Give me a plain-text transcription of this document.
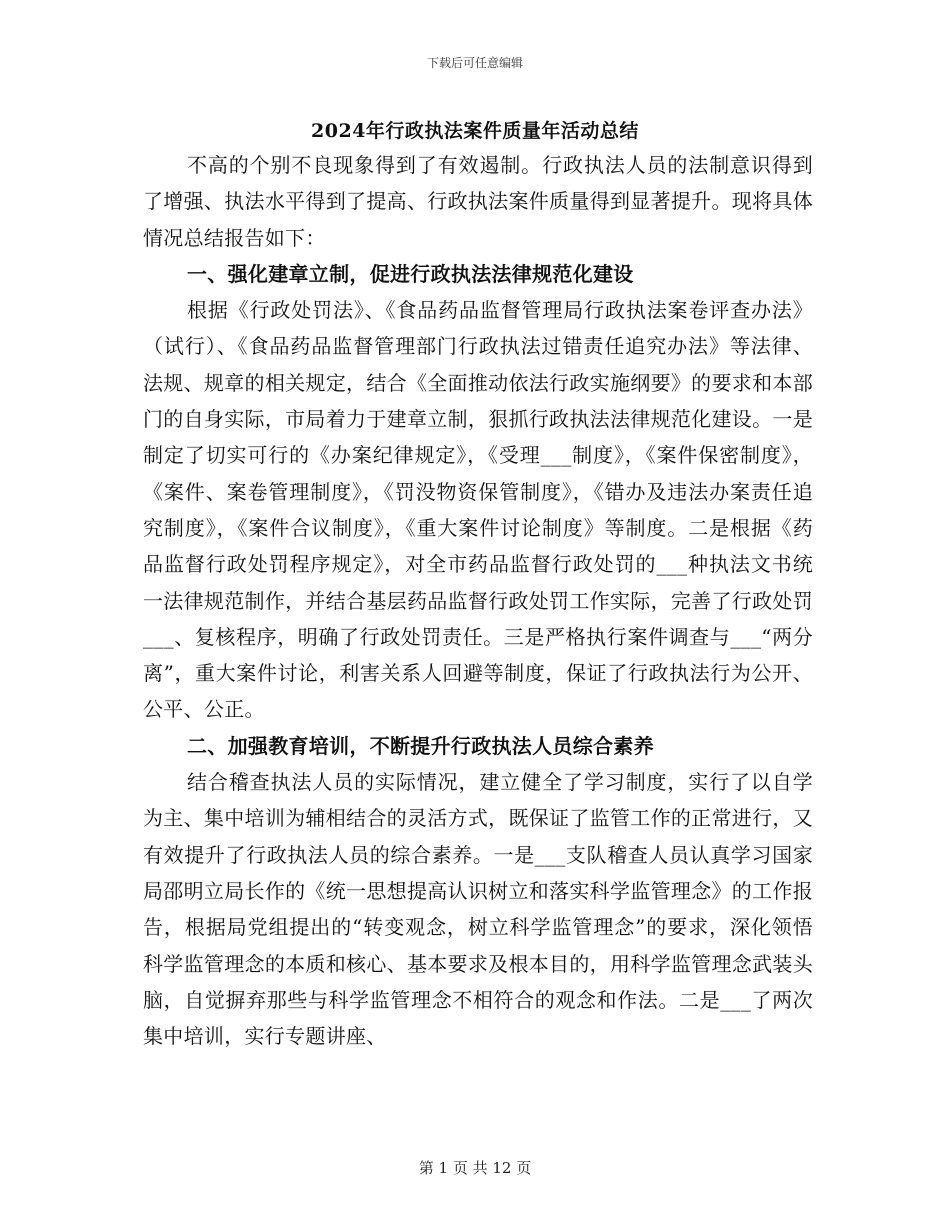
下载后可任意编辑
2024年行政执法案件质量年活动总结

不高的个别不良现象得到了有效遏制。行政执法人员的法制意识得到了增强、执法水平得到了提高、行政执法案件质量得到显著提升。现将具体情况总结报告如下：

一、强化建章立制，促进行政执法法律规范化建设

根据《行政处罚法》、《食品药品监督管理局行政执法案卷评查办法》（试行）、《食品药品监督管理部门行政执法过错责任追究办法》等法律、法规、规章的相关规定，结合《全面推动依法行政实施纲要》的要求和本部门的自身实际，市局着力于建章立制，狠抓行政执法法律规范化建设。一是制定了切实可行的《办案纪律规定》，《受理___制度》，《案件保密制度》，《案件、案卷管理制度》，《罚没物资保管制度》，《错办及违法办案责任追究制度》，《案件合议制度》，《重大案件讨论制度》等制度。二是根据《药品监督行政处罚程序规定》，对全市药品监督行政处罚的___种执法文书统一法律规范制作，并结合基层药品监督行政处罚工作实际，完善了行政处罚___、复核程序，明确了行政处罚责任。三是严格执行案件调查与___“两分离”，重大案件讨论，利害关系人回避等制度，保证了行政执法行为公开、公平、公正。

二、加强教育培训，不断提升行政执法人员综合素养

结合稽查执法人员的实际情况，建立健全了学习制度，实行了以自学为主、集中培训为辅相结合的灵活方式，既保证了监管工作的正常进行，又有效提升了行政执法人员的综合素养。一是___支队稽查人员认真学习国家局邵明立局长作的《统一思想提高认识树立和落实科学监管理念》的工作报告，根据局党组提出的“转变观念，树立科学监管理念”的要求，深化领悟科学监管理念的本质和核心、基本要求及根本目的，用科学监管理念武装头脑，自觉摒弃那些与科学监管理念不相符合的观念和作法。二是___了两次集中培训，实行专题讲座、

第 1 页 共 12 页
